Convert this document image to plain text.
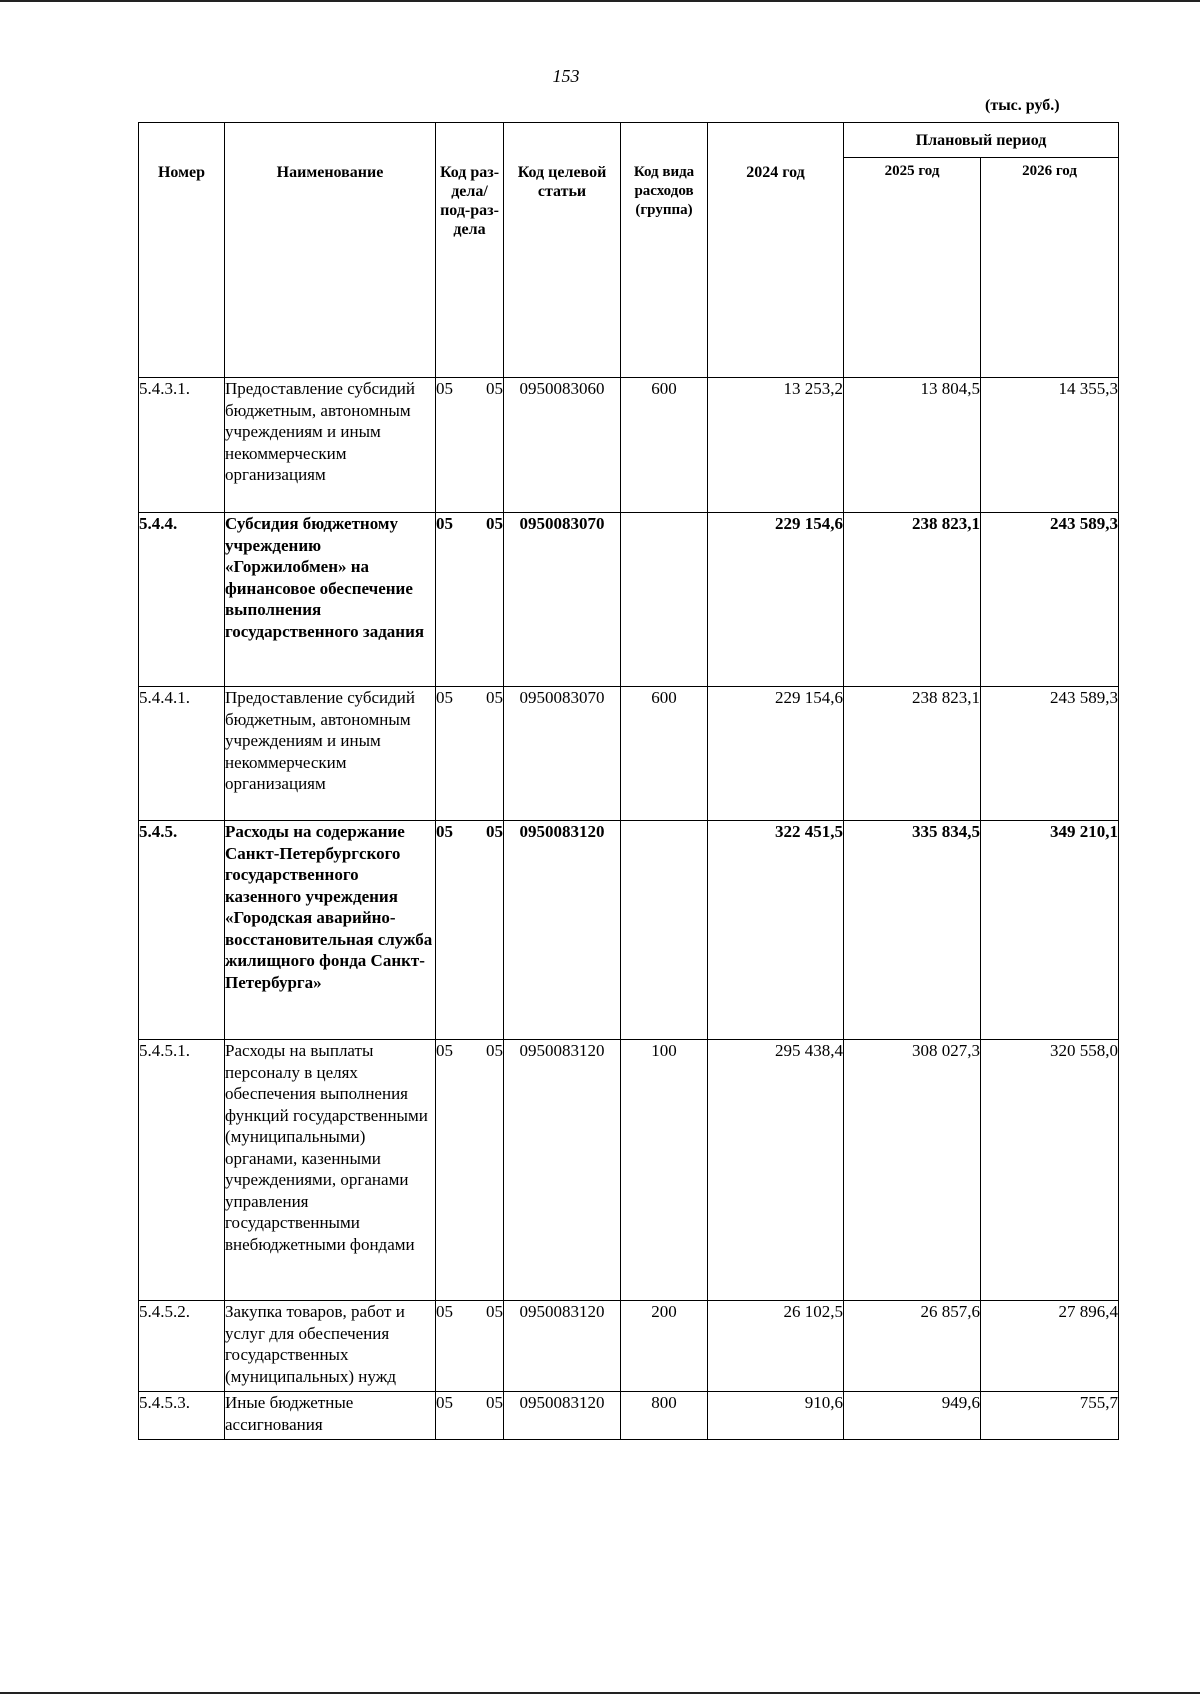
153
(тыс. руб.)
Номер	Наименование	Код раз-дела/ под-раз-дела	Код целевой статьи	Код вида расходов (группа)	2024 год	Плановый период	
						2025 год	2026 год
5.4.3.1.	Предоставление субсидий бюджетным, автономным учреждениям и иным некоммерческим организациям	05 05	0950083060	600	13 253,2	13 804,5	14 355,3
5.4.4.	Субсидия бюджетному учреждению «Горжилобмен» на финансовое обеспечение выполнения государственного задания	05 05	0950083070		229 154,6	238 823,1	243 589,3
5.4.4.1.	Предоставление субсидий бюджетным, автономным учреждениям и иным некоммерческим организациям	05 05	0950083070	600	229 154,6	238 823,1	243 589,3
5.4.5.	Расходы на содержание Санкт-Петербургского государственного казенного учреждения «Городская аварийно-восстановительная служба жилищного фонда Санкт-Петербурга»	05 05	0950083120		322 451,5	335 834,5	349 210,1
5.4.5.1.	Расходы на выплаты персоналу в целях обеспечения выполнения функций государственными (муниципальными) органами, казенными учреждениями, органами управления государственными внебюджетными фондами	05 05	0950083120	100	295 438,4	308 027,3	320 558,0
5.4.5.2.	Закупка товаров, работ и услуг для обеспечения государственных (муниципальных) нужд	05 05	0950083120	200	26 102,5	26 857,6	27 896,4
5.4.5.3.	Иные бюджетные ассигнования	05 05	0950083120	800	910,6	949,6	755,7
